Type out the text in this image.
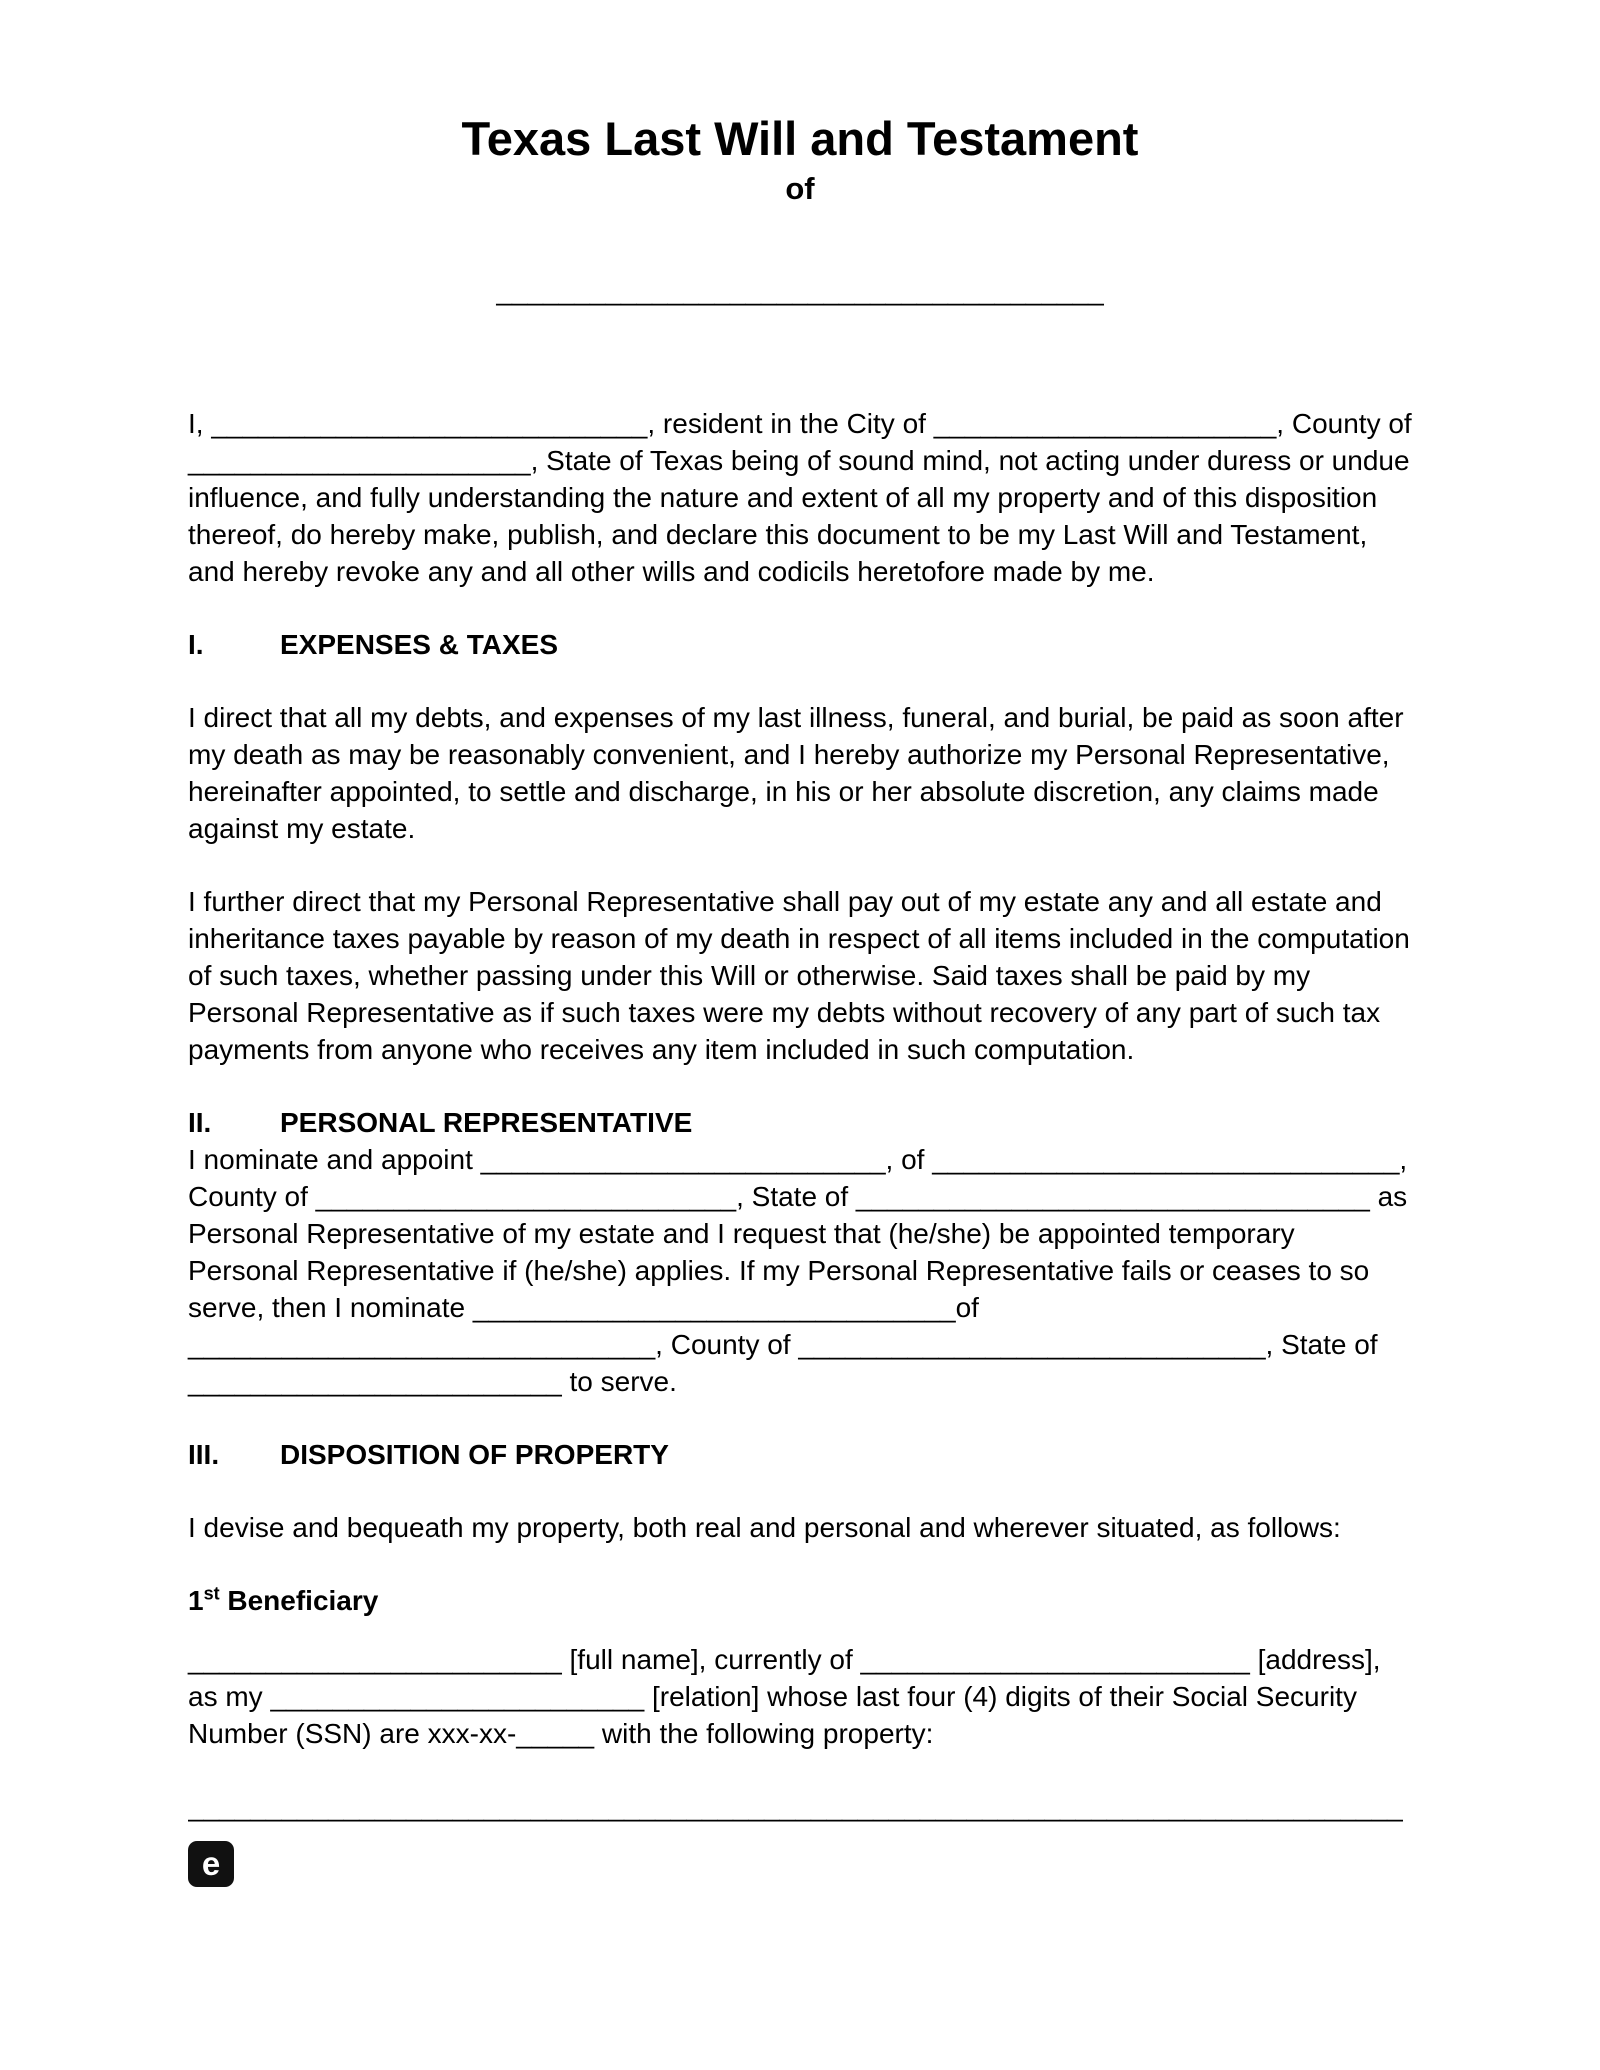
Texas Last Will and Testament
of
_______________________________________

I, ____________________________, resident in the City of ______________________, County of ______________________, State of Texas being of sound mind, not acting under duress or undue influence, and fully understanding the nature and extent of all my property and of this disposition thereof, do hereby make, publish, and declare this document to be my Last Will and Testament, and hereby revoke any and all other wills and codicils heretofore made by me.

I.	EXPENSES & TAXES

I direct that all my debts, and expenses of my last illness, funeral, and burial, be paid as soon after my death as may be reasonably convenient, and I hereby authorize my Personal Representative, hereinafter appointed, to settle and discharge, in his or her absolute discretion, any claims made against my estate.

I further direct that my Personal Representative shall pay out of my estate any and all estate and inheritance taxes payable by reason of my death in respect of all items included in the computation of such taxes, whether passing under this Will or otherwise. Said taxes shall be paid by my Personal Representative as if such taxes were my debts without recovery of any part of such tax payments from anyone who receives any item included in such computation.

II.	PERSONAL REPRESENTATIVE

I nominate and appoint __________________________, of ______________________________, County of ___________________________, State of _________________________________ as Personal Representative of my estate and I request that (he/she) be appointed temporary Personal Representative if (he/she) applies. If my Personal Representative fails or ceases to so serve, then I nominate _______________________________of ______________________________, County of ______________________________, State of ________________________ to serve.

III.	DISPOSITION OF PROPERTY

I devise and bequeath my property, both real and personal and wherever situated, as follows:

1st Beneficiary

________________________ [full name], currently of _________________________ [address], as my ________________________ [relation] whose last four (4) digits of their Social Security Number (SSN) are xxx-xx-_____ with the following property:

______________________________________________________________________________
e
